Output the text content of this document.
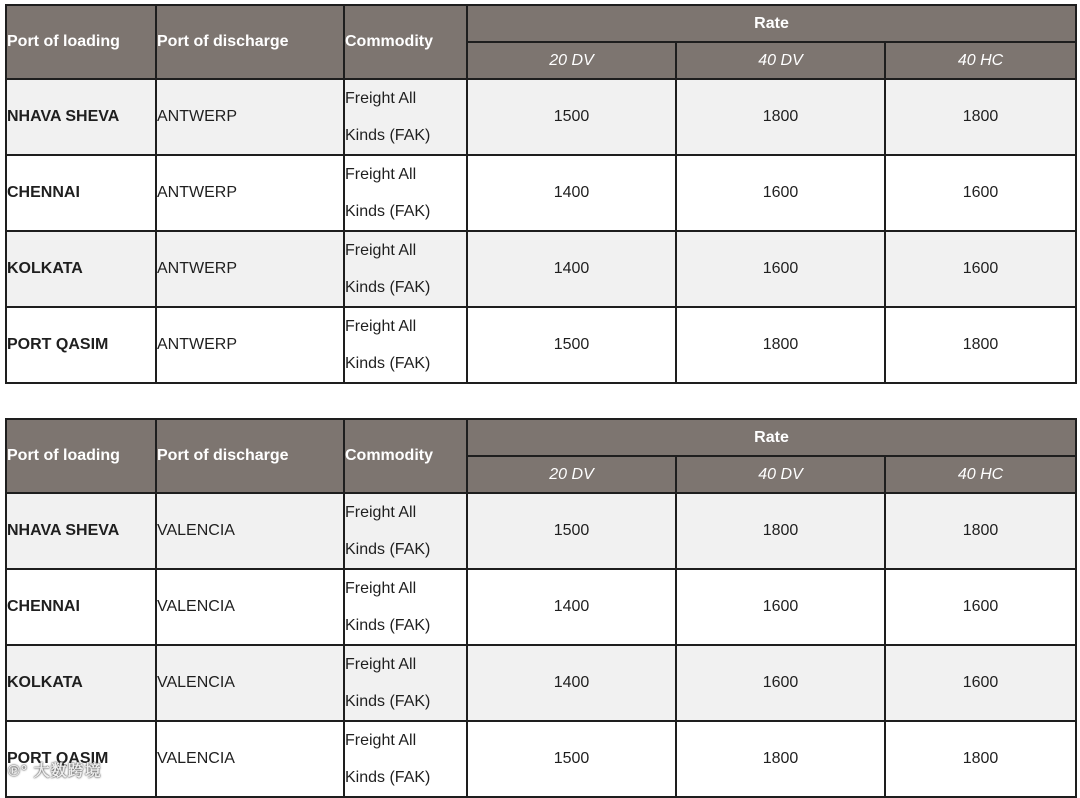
Port of loading	Port of discharge	Commodity	Rate		
			20 DV	40 DV	40 HC
NHAVA SHEVA	ANTWERP	Freight All
Kinds (FAK)	1500	1800	1800
CHENNAI	ANTWERP	Freight All
Kinds (FAK)	1400	1600	1600
KOLKATA	ANTWERP	Freight All
Kinds (FAK)	1400	1600	1600
PORT QASIM	ANTWERP	Freight All
Kinds (FAK)	1500	1800	1800
Port of loading	Port of discharge	Commodity	Rate		
			20 DV	40 DV	40 HC
NHAVA SHEVA	VALENCIA	Freight All
Kinds (FAK)	1500	1800	1800
CHENNAI	VALENCIA	Freight All
Kinds (FAK)	1400	1600	1600
KOLKATA	VALENCIA	Freight All
Kinds (FAK)	1400	1600	1600
PORT QASIM	VALENCIA	Freight All
Kinds (FAK)	1500	1800	1800
℗° 大数跨境
